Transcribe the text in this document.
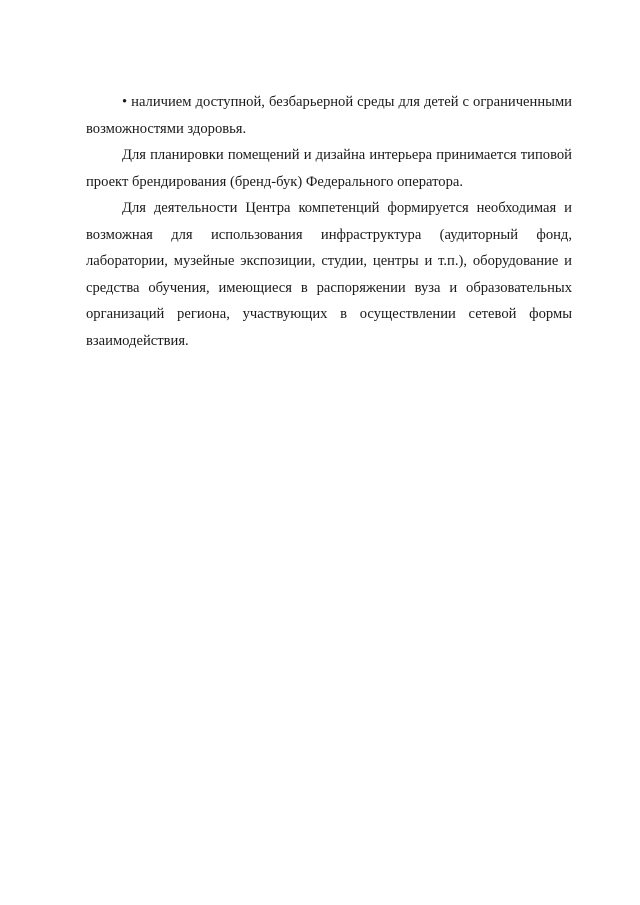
• наличием доступной, безбарьерной среды для детей с ограниченными возможностями здоровья.

Для планировки помещений и дизайна интерьера принимается типовой проект брендирования (бренд-бук) Федерального оператора.

Для деятельности Центра компетенций формируется необходимая и возможная для использования инфраструктура (аудиторный фонд, лаборатории, музейные экспозиции, студии, центры и т.п.), оборудование и средства обучения, имеющиеся в распоряжении вуза и образовательных организаций региона, участвующих в осуществлении сетевой формы взаимодействия.
